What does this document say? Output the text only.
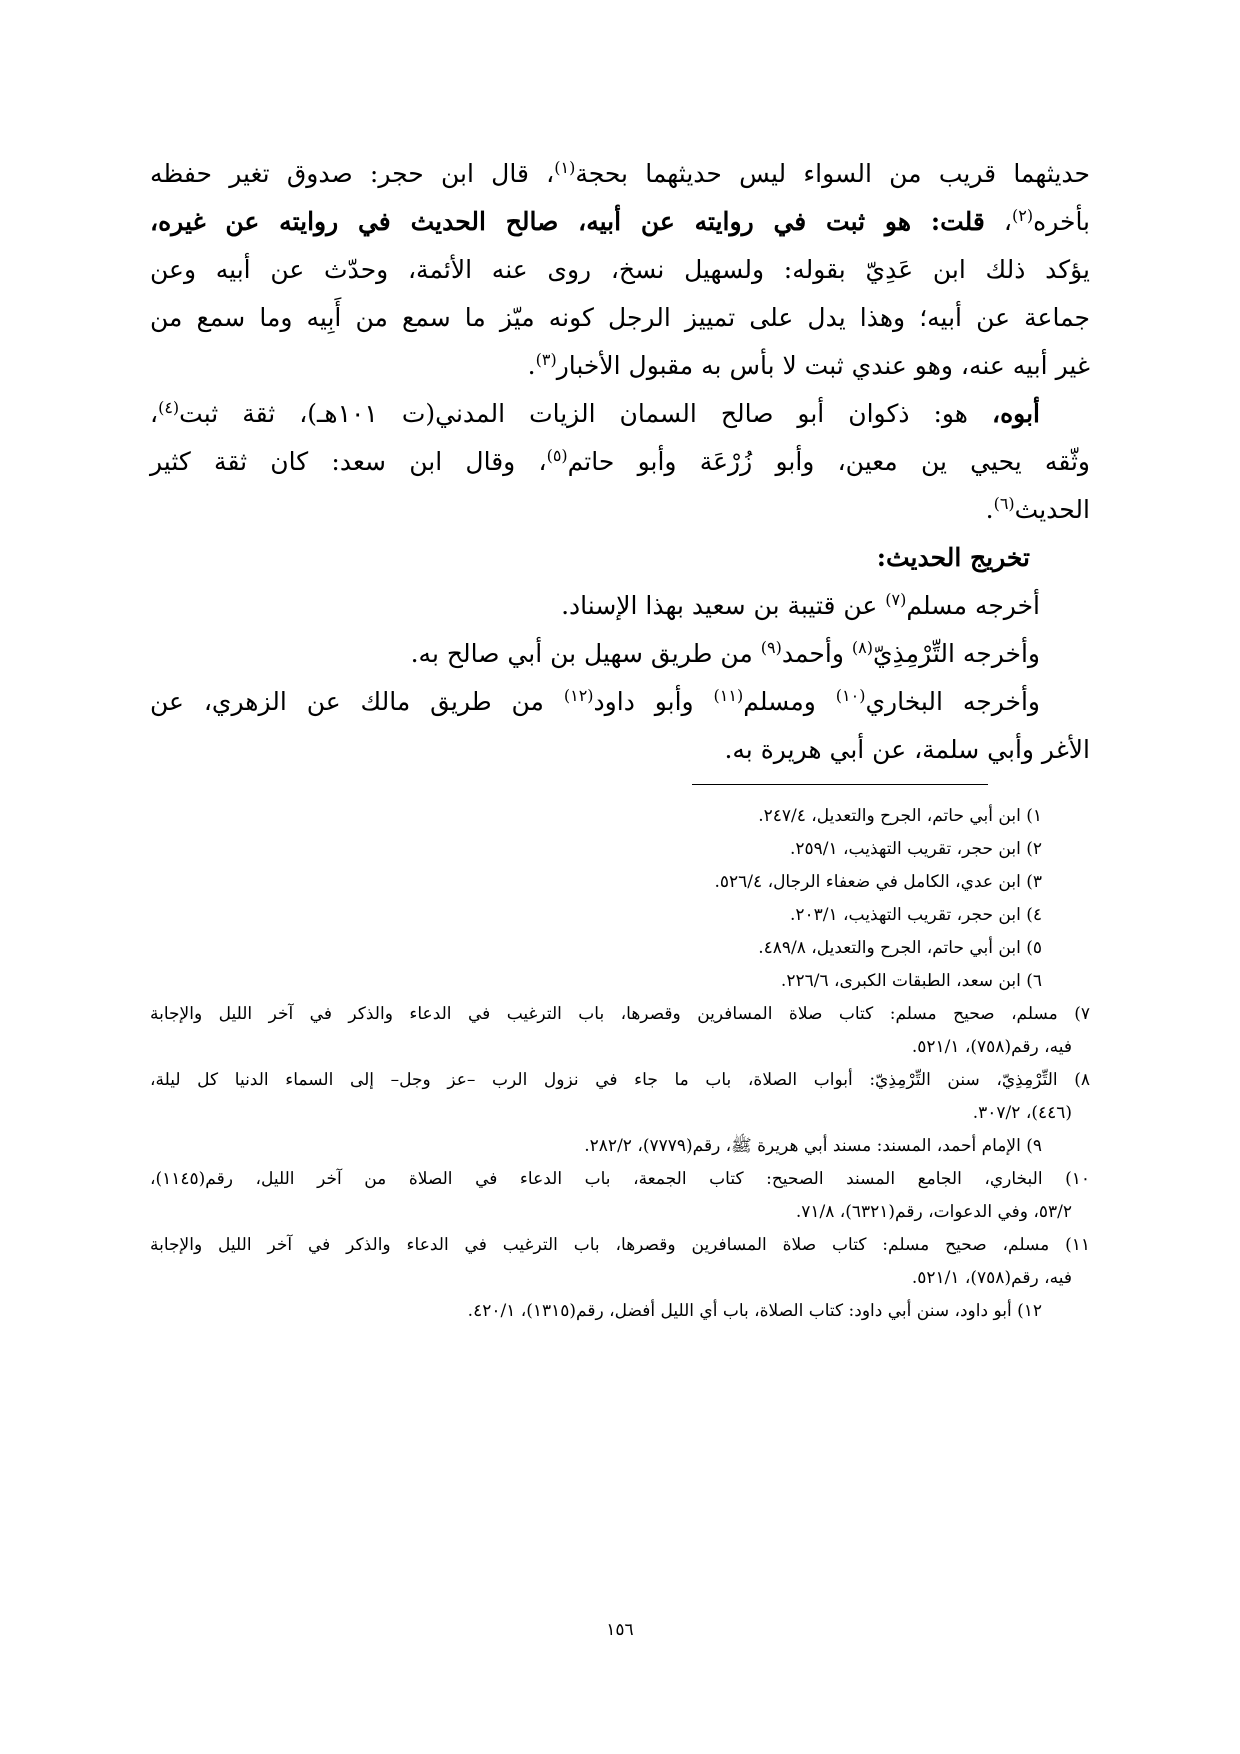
حديثهما قريب من السواء ليس حديثهما بحجة$^{(١)}$، قال ابن حجر: صدوق تغير حفظه
بأخره$^{(٢)}$، قلت: هو ثبت في روايته عن أبيه، صالح الحديث في روايته عن غيره،
يؤكد ذلك ابن عَدِيّ بقوله: ولسهيل نسخ، روى عنه الأئمة، وحدّث عن أبيه وعن
جماعة عن أبيه؛ وهذا يدل على تمييز الرجل كونه ميّز ما سمع من أَبِيه وما سمع من
غير أبيه عنه، وهو عندي ثبت لا بأس به مقبول الأخبار$^{(٣)}$.
أبوه، هو: ذكوان أبو صالح السمان الزيات المدني(ت ١٠١هـ)، ثقة ثبت$^{(٤)}$،
وثّقه يحيي ين معين، وأبو زُرْعَة وأبو حاتم$^{(٥)}$، وقال ابن سعد: كان ثقة كثير
الحديث$^{(٦)}$.
تخريج الحديث:
أخرجه مسلم$^{(٧)}$ عن قتيبة بن سعيد بهذا الإسناد.
وأخرجه التِّرْمِذِيّ$^{(٨)}$ وأحمد$^{(٩)}$ من طريق سهيل بن أبي صالح به.
وأخرجه البخاري$^{(١٠)}$ ومسلم$^{(١١)}$ وأبو داود$^{(١٢)}$ من طريق مالك عن الزهري، عن
الأغر وأبي سلمة، عن أبي هريرة به.
١) ابن أبي حاتم، الجرح والتعديل، ٢٤٧/٤.
٢) ابن حجر، تقريب التهذيب، ٢٥٩/١.
٣) ابن عدي، الكامل في ضعفاء الرجال، ٥٢٦/٤.
٤) ابن حجر، تقريب التهذيب، ٢٠٣/١.
٥) ابن أبي حاتم، الجرح والتعديل، ٤٨٩/٨.
٦) ابن سعد، الطبقات الكبرى، ٢٢٦/٦.
٧) مسلم، صحيح مسلم: كتاب صلاة المسافرين وقصرها، باب الترغيب في الدعاء والذكر في آخر الليل والإجابة
فيه، رقم(٧٥٨)، ٥٢١/١.
٨) التِّرْمِذِيّ، سنن التِّرْمِذِيّ: أبواب الصلاة، باب ما جاء في نزول الرب –عز وجل– إلى السماء الدنيا كل ليلة،
(٤٤٦)، ٣٠٧/٢.
٩) الإمام أحمد، المسند: مسند أبي هريرة ﷺ، رقم(٧٧٧٩)، ٢٨٢/٢.
١٠) البخاري، الجامع المسند الصحيح: كتاب الجمعة، باب الدعاء في الصلاة من آخر الليل، رقم(١١٤٥)،
٥٣/٢، وفي الدعوات، رقم(٦٣٢١)، ٧١/٨.
١١) مسلم، صحيح مسلم: كتاب صلاة المسافرين وقصرها، باب الترغيب في الدعاء والذكر في آخر الليل والإجابة
فيه، رقم(٧٥٨)، ٥٢١/١.
١٢) أبو داود، سنن أبي داود: كتاب الصلاة، باب أي الليل أفضل، رقم(١٣١٥)، ٤٢٠/١.
١٥٦
